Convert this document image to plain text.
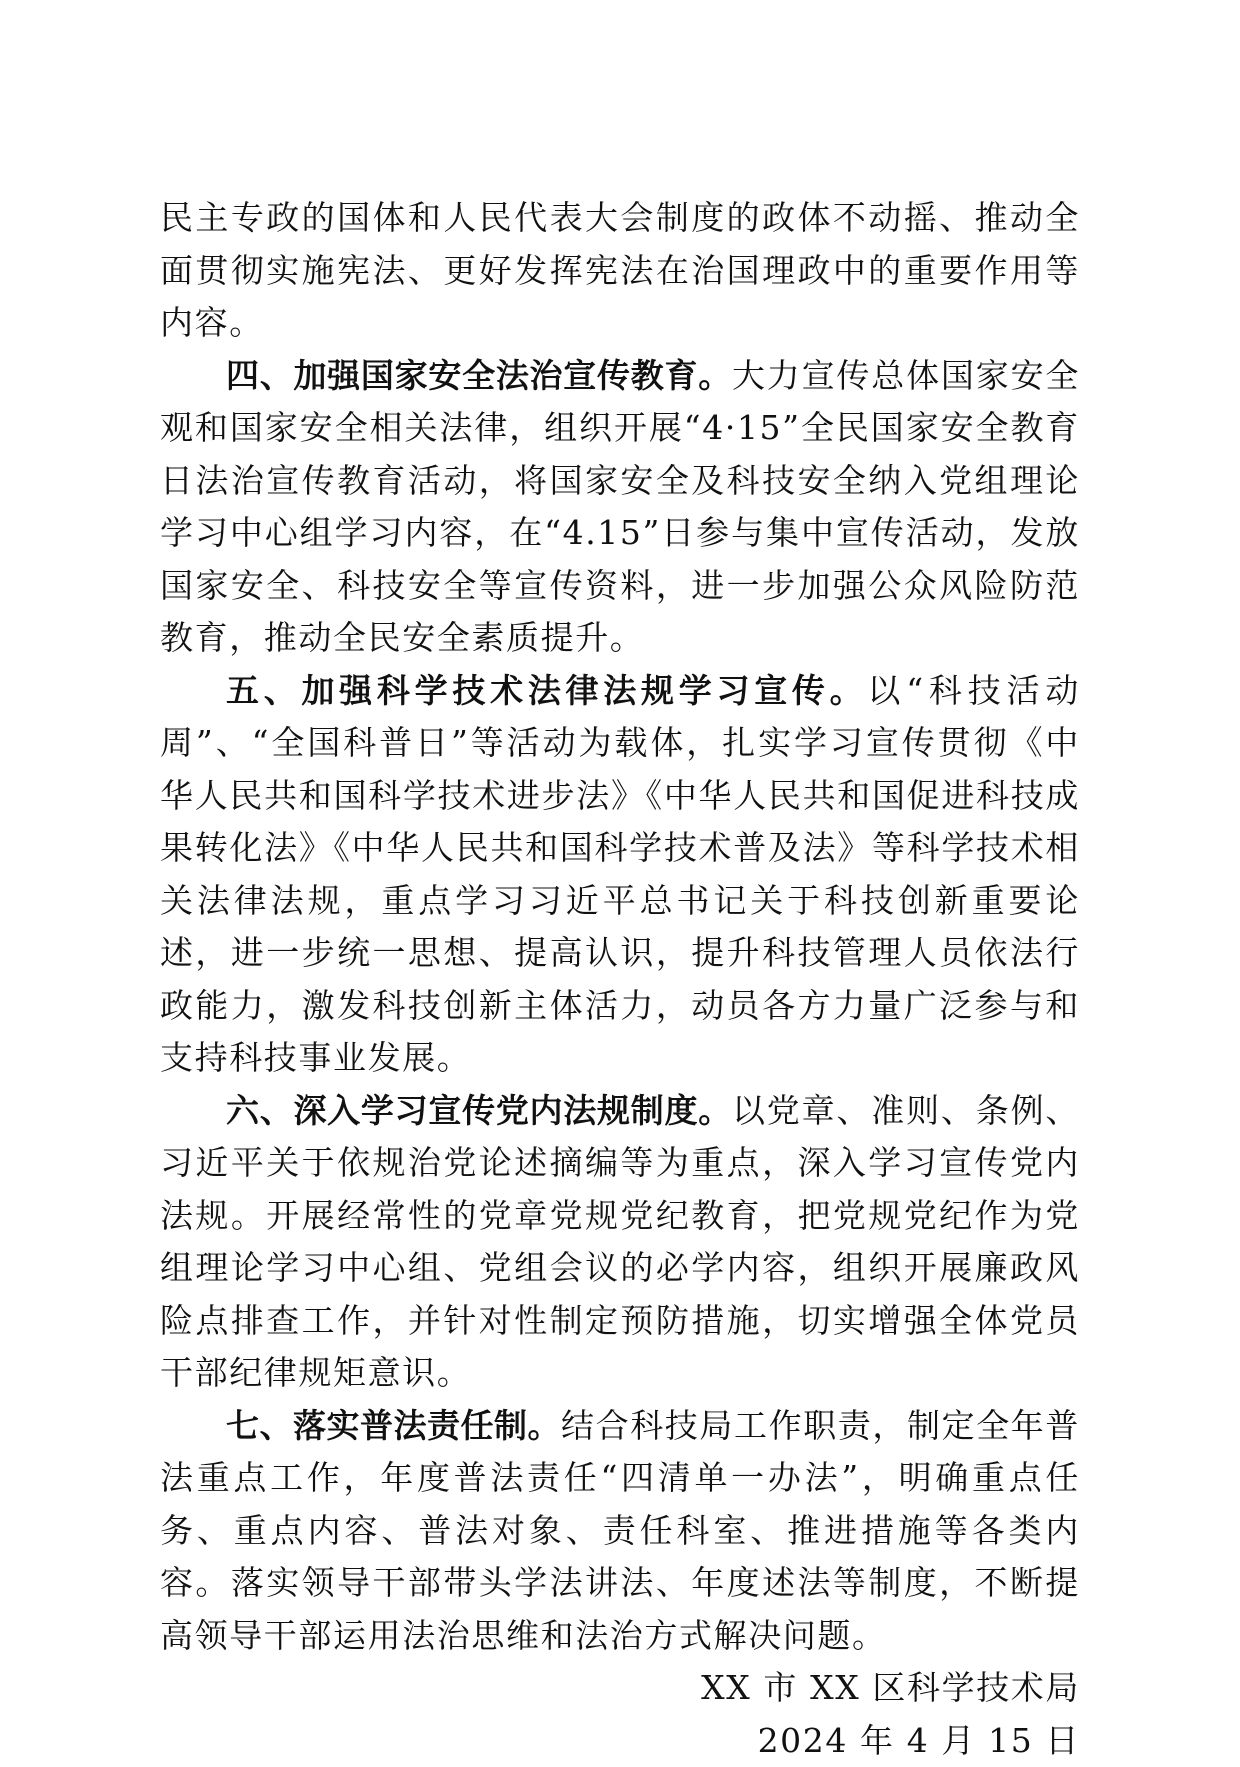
民主专政的国体和人民代表大会制度的政体不动摇、推动全面贯彻实施宪法、更好发挥宪法在治国理政中的重要作用等内容。

四、加强国家安全法治宣传教育。大力宣传总体国家安全观和国家安全相关法律，组织开展“4·15”全民国家安全教育日法治宣传教育活动，将国家安全及科技安全纳入党组理论学习中心组学习内容，在“4.15”日参与集中宣传活动，发放国家安全、科技安全等宣传资料，进一步加强公众风险防范教育，推动全民安全素质提升。

五、加强科学技术法律法规学习宣传。以“科技活动周”、“全国科普日”等活动为载体，扎实学习宣传贯彻《中华人民共和国科学技术进步法》《中华人民共和国促进科技成果转化法》《中华人民共和国科学技术普及法》等科学技术相关法律法规，重点学习习近平总书记关于科技创新重要论述，进一步统一思想、提高认识，提升科技管理人员依法行政能力，激发科技创新主体活力，动员各方力量广泛参与和支持科技事业发展。

六、深入学习宣传党内法规制度。以党章、准则、条例、习近平关于依规治党论述摘编等为重点，深入学习宣传党内法规。开展经常性的党章党规党纪教育，把党规党纪作为党组理论学习中心组、党组会议的必学内容，组织开展廉政风险点排查工作，并针对性制定预防措施，切实增强全体党员干部纪律规矩意识。

七、落实普法责任制。结合科技局工作职责，制定全年普法重点工作，年度普法责任“四清单一办法”，明确重点任务、重点内容、普法对象、责任科室、推进措施等各类内容。落实领导干部带头学法讲法、年度述法等制度，不断提高领导干部运用法治思维和法治方式解决问题。

XX 市 XX 区科学技术局
2024 年 4 月 15 日
